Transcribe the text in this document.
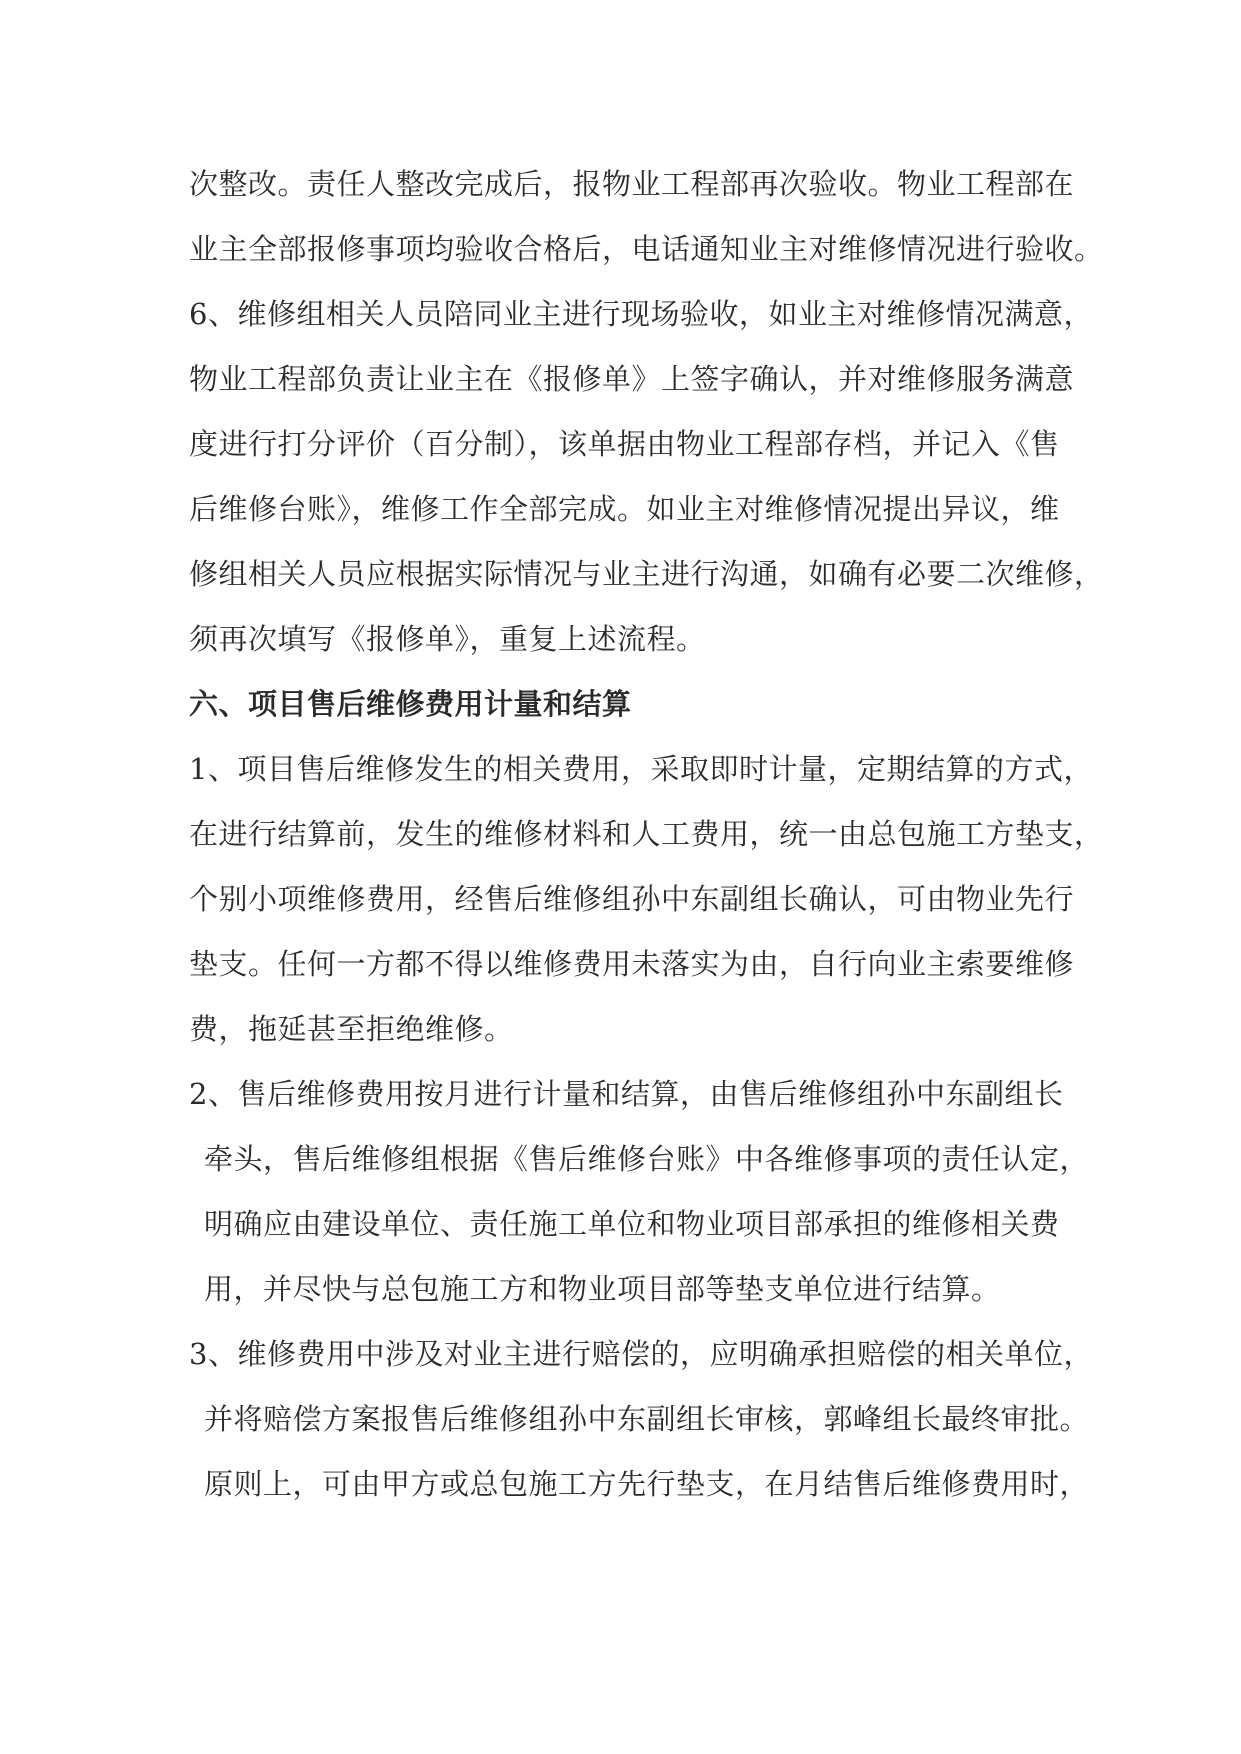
次整改。责任人整改完成后，报物业工程部再次验收。物业工程部在
业主全部报修事项均验收合格后，电话通知业主对维修情况进行验收。
6、维修组相关人员陪同业主进行现场验收，如业主对维修情况满意，
物业工程部负责让业主在《报修单》上签字确认，并对维修服务满意
度进行打分评价（百分制），该单据由物业工程部存档，并记入《售
后维修台账》，维修工作全部完成。如业主对维修情况提出异议，维
修组相关人员应根据实际情况与业主进行沟通，如确有必要二次维修，
须再次填写《报修单》，重复上述流程。
六、项目售后维修费用计量和结算
1、项目售后维修发生的相关费用，采取即时计量，定期结算的方式，
在进行结算前，发生的维修材料和人工费用，统一由总包施工方垫支，
个别小项维修费用，经售后维修组孙中东副组长确认，可由物业先行
垫支。任何一方都不得以维修费用未落实为由，自行向业主索要维修
费，拖延甚至拒绝维修。
2、售后维修费用按月进行计量和结算，由售后维修组孙中东副组长
牵头，售后维修组根据《售后维修台账》中各维修事项的责任认定，
明确应由建设单位、责任施工单位和物业项目部承担的维修相关费
用，并尽快与总包施工方和物业项目部等垫支单位进行结算。
3、维修费用中涉及对业主进行赔偿的，应明确承担赔偿的相关单位，
并将赔偿方案报售后维修组孙中东副组长审核，郭峰组长最终审批。
原则上，可由甲方或总包施工方先行垫支，在月结售后维修费用时，
